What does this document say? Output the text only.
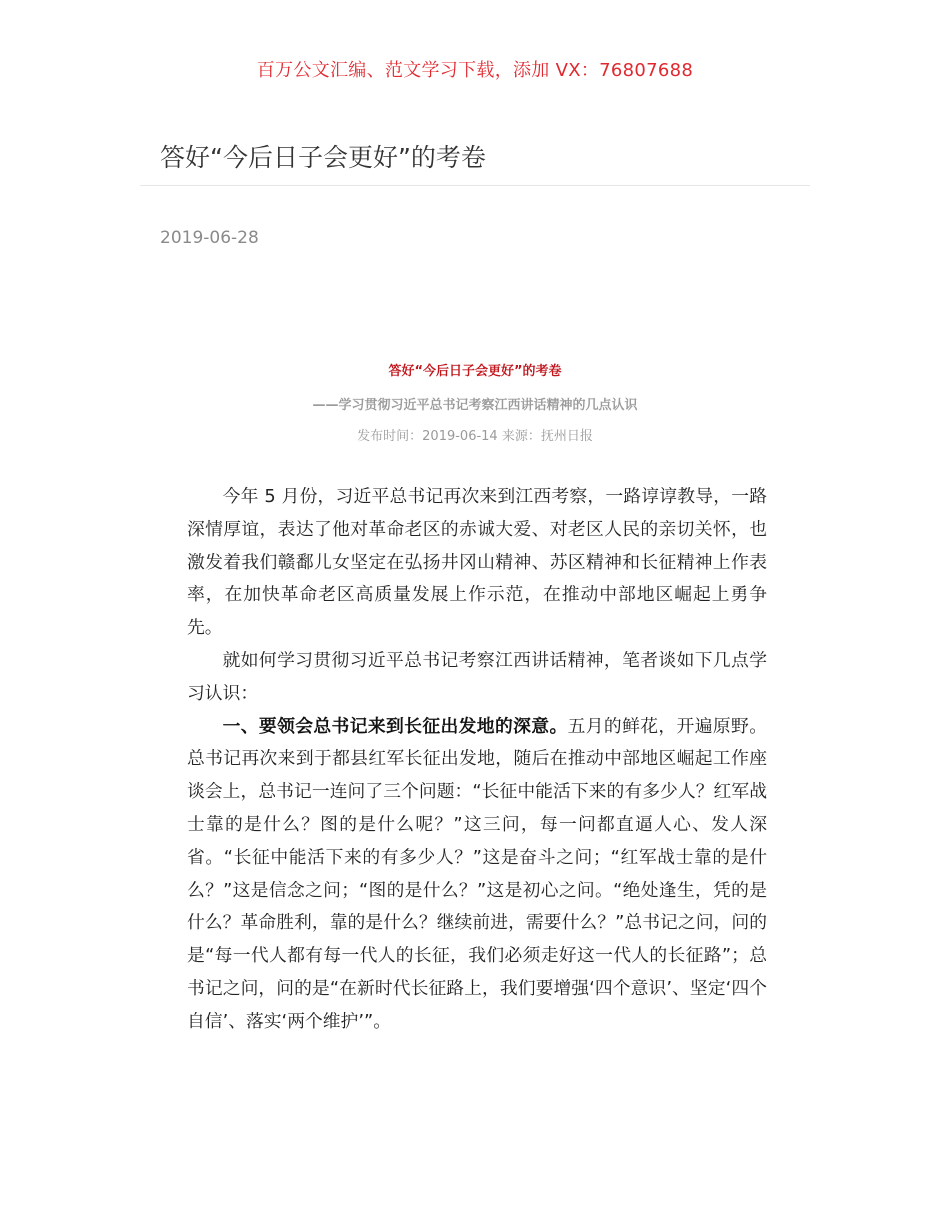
百万公文汇编、范文学习下载，添加 VX：76807688
答好“今后日子会更好”的考卷
2019-06-28
答好“今后日子会更好”的考卷
——学习贯彻习近平总书记考察江西讲话精神的几点认识
发布时间：2019-06-14 来源：抚州日报

今年 5 月份，习近平总书记再次来到江西考察，一路谆谆教导，一路深情厚谊，表达了他对革命老区的赤诚大爱、对老区人民的亲切关怀，也激发着我们赣鄱儿女坚定在弘扬井冈山精神、苏区精神和长征精神上作表率，在加快革命老区高质量发展上作示范，在推动中部地区崛起上勇争先。

就如何学习贯彻习近平总书记考察江西讲话精神，笔者谈如下几点学习认识：

一、要领会总书记来到长征出发地的深意。五月的鲜花，开遍原野。总书记再次来到于都县红军长征出发地，随后在推动中部地区崛起工作座谈会上，总书记一连问了三个问题：“长征中能活下来的有多少人？红军战士靠的是什么？图的是什么呢？”这三问，每一问都直逼人心、发人深省。“长征中能活下来的有多少人？”这是奋斗之问；“红军战士靠的是什么？”这是信念之问；“图的是什么？”这是初心之问。“绝处逢生，凭的是什么？革命胜利，靠的是什么？继续前进，需要什么？”总书记之问，问的是“每一代人都有每一代人的长征，我们必须走好这一代人的长征路”；总书记之问，问的是“在新时代长征路上，我们要增强‘四个意识’、坚定‘四个自信’、落实‘两个维护’”。
